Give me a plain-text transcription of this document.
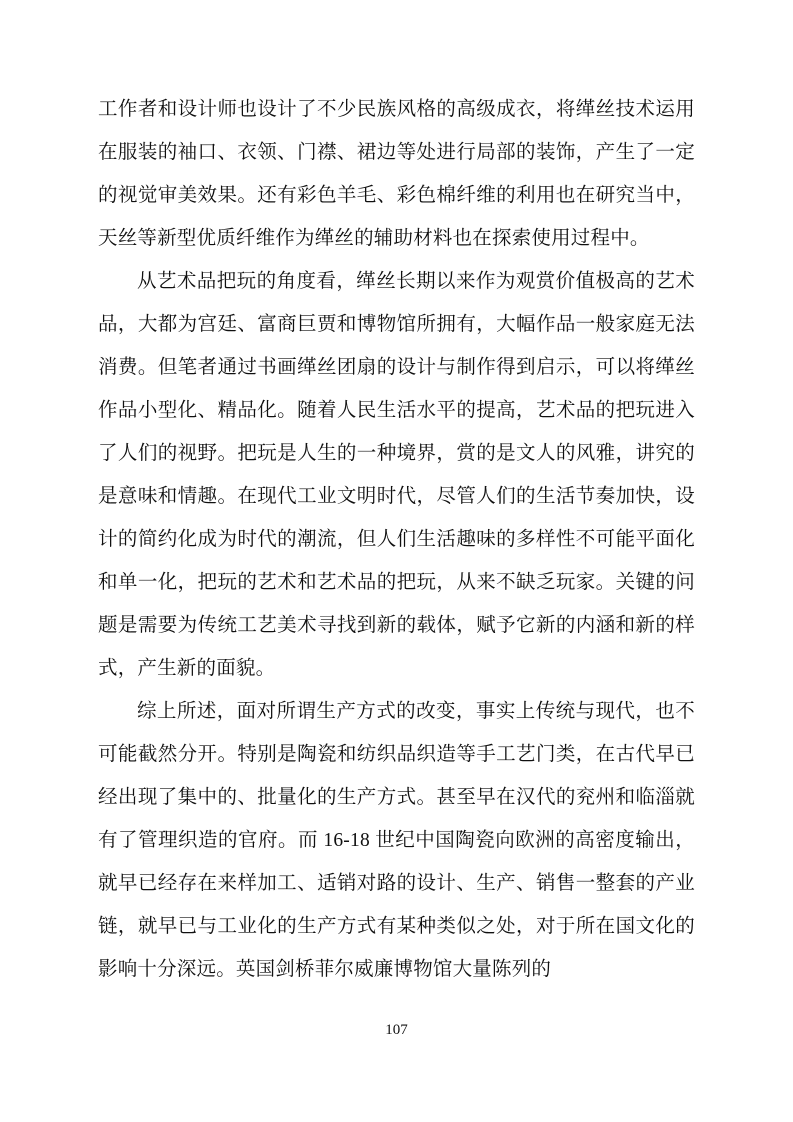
工作者和设计师也设计了不少民族风格的高级成衣，将缂丝技术运用在服装的袖口、衣领、门襟、裙边等处进行局部的装饰，产生了一定的视觉审美效果。还有彩色羊毛、彩色棉纤维的利用也在研究当中，天丝等新型优质纤维作为缂丝的辅助材料也在探索使用过程中。

从艺术品把玩的角度看，缂丝长期以来作为观赏价值极高的艺术品，大都为宫廷、富商巨贾和博物馆所拥有，大幅作品一般家庭无法消费。但笔者通过书画缂丝团扇的设计与制作得到启示，可以将缂丝作品小型化、精品化。随着人民生活水平的提高，艺术品的把玩进入了人们的视野。把玩是人生的一种境界，赏的是文人的风雅，讲究的是意味和情趣。在现代工业文明时代，尽管人们的生活节奏加快，设计的简约化成为时代的潮流，但人们生活趣味的多样性不可能平面化和单一化，把玩的艺术和艺术品的把玩，从来不缺乏玩家。关键的问题是需要为传统工艺美术寻找到新的载体，赋予它新的内涵和新的样式，产生新的面貌。

综上所述，面对所谓生产方式的改变，事实上传统与现代，也不可能截然分开。特别是陶瓷和纺织品织造等手工艺门类，在古代早已经出现了集中的、批量化的生产方式。甚至早在汉代的兖州和临淄就有了管理织造的官府。而 16-18 世纪中国陶瓷向欧洲的高密度输出，就早已经存在来样加工、适销对路的设计、生产、销售一整套的产业链，就早已与工业化的生产方式有某种类似之处，对于所在国文化的影响十分深远。英国剑桥菲尔威廉博物馆大量陈列的

107
